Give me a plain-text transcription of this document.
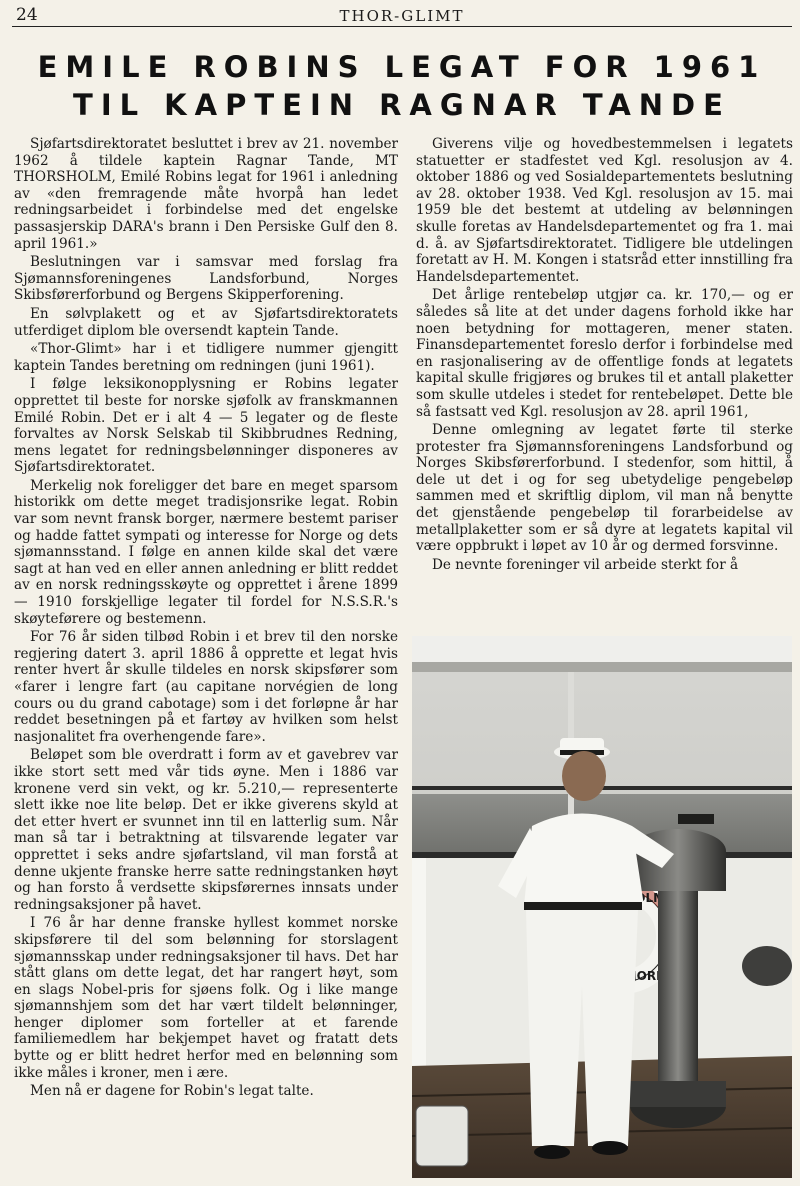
24	THOR-GLIMT
EMILE ROBINS LEGAT FOR 1961
TIL KAPTEIN RAGNAR TANDE

Sjøfartsdirektoratet besluttet i brev av 21. november 1962 å tildele kaptein Ragnar Tande, MT THORSHOLM, Emilé Robins legat for 1961 i anledning av «den fremragende måte hvorpå han ledet redningsarbeidet i forbindelse med det engelske passasjerskip DARA's brann i Den Persiske Gulf den 8. april 1961.»

Beslutningen var i samsvar med forslag fra Sjømannsforeningenes Landsforbund, Norges Skibsførerforbund og Bergens Skipperforening.

En sølvplakett og et av Sjøfartsdirektoratets utferdiget diplom ble oversendt kaptein Tande.

«Thor-Glimt» har i et tidligere nummer gjengitt kaptein Tandes beretning om redningen (juni 1961).

I følge leksikonopplysning er Robins legater opprettet til beste for norske sjøfolk av franskmannen Emilé Robin. Det er i alt 4 — 5 legater og de fleste forvaltes av Norsk Selskab til Skibbrudnes Redning, mens legatet for redningsbelønninger disponeres av Sjøfartsdirektoratet.

Merkelig nok foreligger det bare en meget sparsom historikk om dette meget tradisjonsrike legat. Robin var som nevnt fransk borger, nærmere bestemt pariser og hadde fattet sympati og interesse for Norge og dets sjømannsstand. I følge en annen kilde skal det være sagt at han ved en eller annen anledning er blitt reddet av en norsk redningsskøyte og opprettet i årene 1899 — 1910 forskjellige legater til fordel for N.S.S.R.'s skøyteførere og bestemenn.

For 76 år siden tilbød Robin i et brev til den norske regjering datert 3. april 1886 å opprette et legat hvis renter hvert år skulle tildeles en norsk skipsfører som «farer i lengre fart (au capitane norvégien de long cours ou du grand cabotage) som i det forløpne år har reddet besetningen på et fartøy av hvilken som helst nasjonalitet fra overhengende fare».

Beløpet som ble overdratt i form av et gavebrev var ikke stort sett med vår tids øyne. Men i 1886 var kronene verd sin vekt, og kr. 5.210,— representerte slett ikke noe lite beløp. Det er ikke giverens skyld at det etter hvert er svunnet inn til en latterlig sum. Når man så tar i betraktning at tilsvarende legater var opprettet i seks andre sjøfartsland, vil man forstå at denne ukjente franske herre satte redningstanken høyt og han forsto å verdsette skipsførernes innsats under redningsaksjoner på havet.

I 76 år har denne franske hyllest kommet norske skipsførere til del som belønning for storslagent sjømannsskap under redningsaksjoner til havs. Det har stått glans om dette legat, det har rangert høyt, som en slags Nobel-pris for sjøens folk. Og i like mange sjømannshjem som det har vært tildelt belønninger, henger diplomer som forteller at et farende familiemedlem har bekjempet havet og fratatt dets bytte og er blitt hedret herfor med en belønning som ikke måles i kroner, men i ære.

Men nå er dagene for Robin's legat talte.

Giverens vilje og hovedbestemmelsen i legatets statuetter er stadfestet ved Kgl. resolusjon av 4. oktober 1886 og ved Sosialdepartementets beslutning av 28. oktober 1938. Ved Kgl. resolusjon av 15. mai 1959 ble det bestemt at utdeling av belønningen skulle foretas av Handelsdepartementet og fra 1. mai d. å. av Sjøfartsdirektoratet. Tidligere ble utdelingen foretatt av H. M. Kongen i statsråd etter innstilling fra Handelsdepartementet.

Det årlige rentebeløp utgjør ca. kr. 170,— og er således så lite at det under dagens forhold ikke har noen betydning for mottageren, mener staten. Finansdepartementet foreslo derfor i forbindelse med en rasjonalisering av de offentlige fonds at legatets kapital skulle frigjøres og brukes til et antall plaketter som skulle utdeles i stedet for rentebeløpet. Dette ble så fastsatt ved Kgl. resolusjon av 28. april 1961,

Denne omlegning av legatet førte til sterke protester fra Sjømannsforeningens Landsforbund og Norges Skibsførerforbund. I stedenfor, som hittil, å dele ut det i og for seg ubetydelige pengebeløp sammen med et skriftlig diplom, vil man nå benytte det gjenstående pengebeløp til forarbeidelse av metallplaketter som er så dyre at legatets kapital vil være oppbrukt i løpet av 10 år og dermed forsvinne.

De nevnte foreninger vil arbeide sterkt for å
